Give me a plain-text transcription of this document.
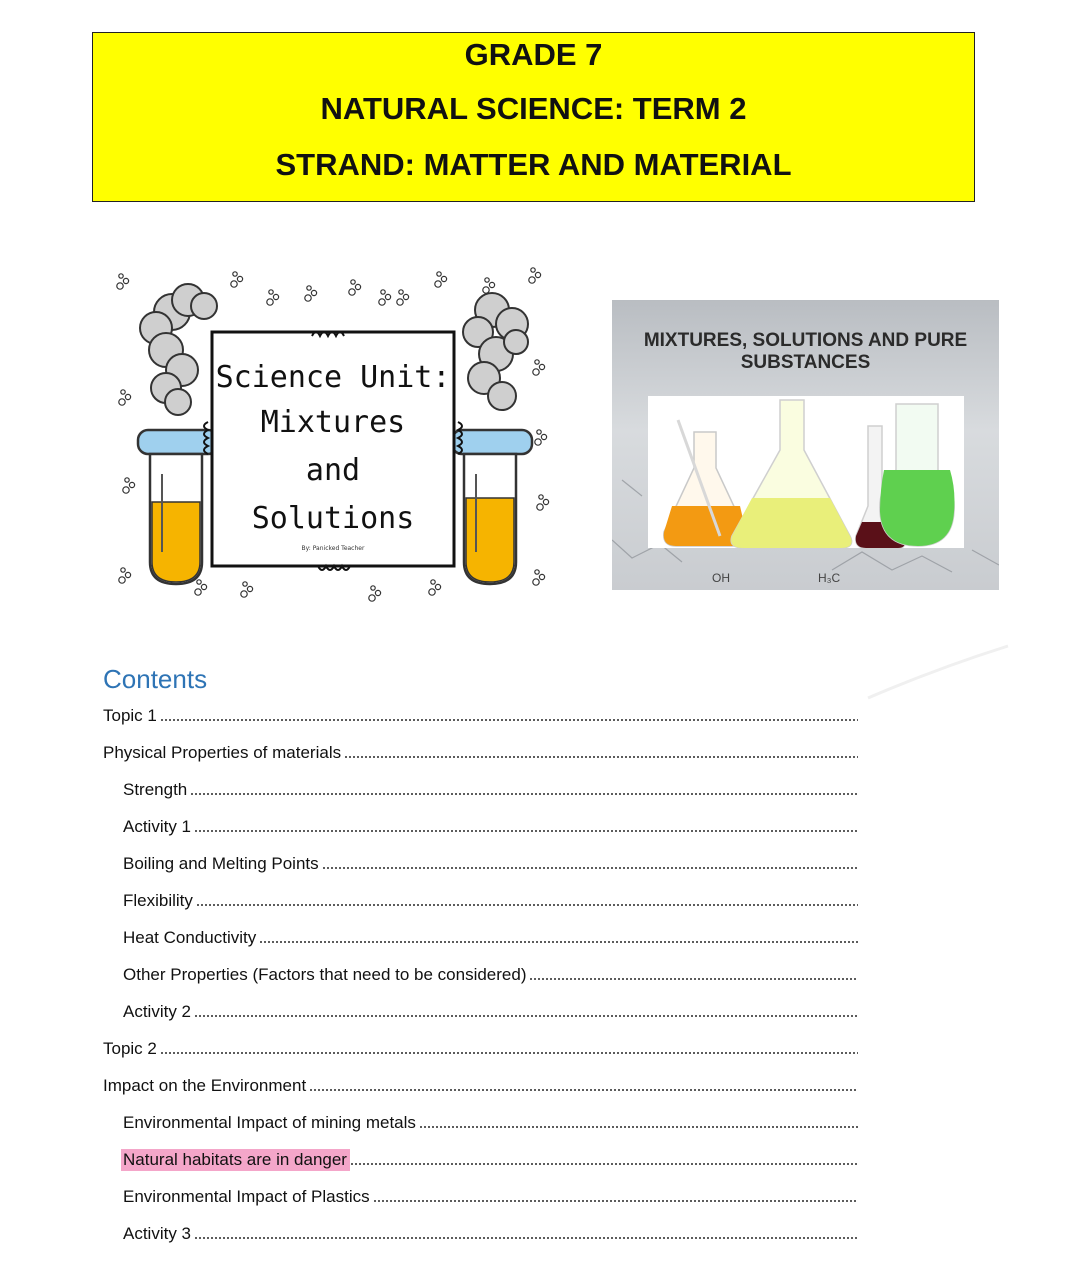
GRADE 7
NATURAL SCIENCE: TERM 2
STRAND: MATTER AND MATERIAL
Science Unit:
Mixtures
and
Solutions
By: Panicked Teacher
OH	H₃C
MIXTURES, SOLUTIONS AND PURE SUBSTANCES
Contents
Topic 1
Physical Properties of materials
Strength
Activity 1
Boiling and Melting Points
Flexibility
Heat Conductivity
Other Properties (Factors that need to be considered)
Activity 2
Topic 2
Impact on the Environment
Environmental Impact of mining metals
Natural habitats are in danger
Environmental Impact of Plastics
Activity 3
